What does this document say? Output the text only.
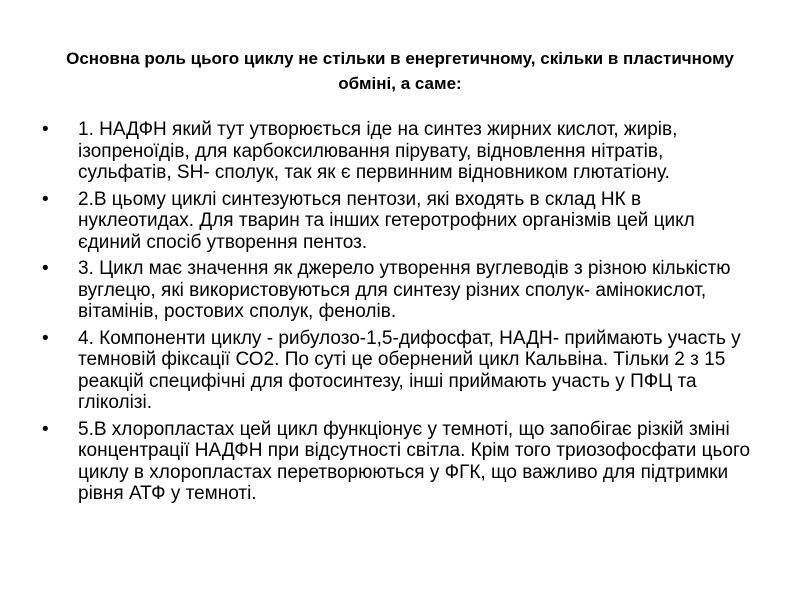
Основна роль цього циклу не стільки в енергетичному, скільки в пластичному обміні, а саме:
•	1. НАДФН який тут утворюється іде на синтез жирних кислот, жирів, ізопреноїдів, для карбоксилювання пірувату, відновлення нітратів, сульфатів, SH- сполук, так як є первинним відновником глютатіону.
•	2.В цьому циклі синтезуються пентози, які входять в склад НК в нуклеотидах. Для тварин та інших гетеротрофних організмів цей цикл єдиний спосіб утворення пентоз.
•	3. Цикл має значення як джерело утворення вуглеводів з різною кількістю вуглецю, які використовуються для синтезу різних сполук- амінокислот, вітамінів, ростових сполук, фенолів.
•	4. Компоненти циклу - рибулозо-1,5-дифосфат, НАДН- приймають участь у темновій фіксації СО2. По суті це обернений цикл Кальвіна. Тільки 2 з 15 реакцій специфічні для фотосинтезу, інші приймають участь у ПФЦ та гліколізі.
•	5.В хлоропластах цей цикл функціонує у темноті, що запобігає різкій зміні концентрації НАДФН при відсутності світла. Крім того триозофосфати цього циклу в хлоропластах перетворюються у ФГК, що важливо для підтримки рівня АТФ у темноті.
